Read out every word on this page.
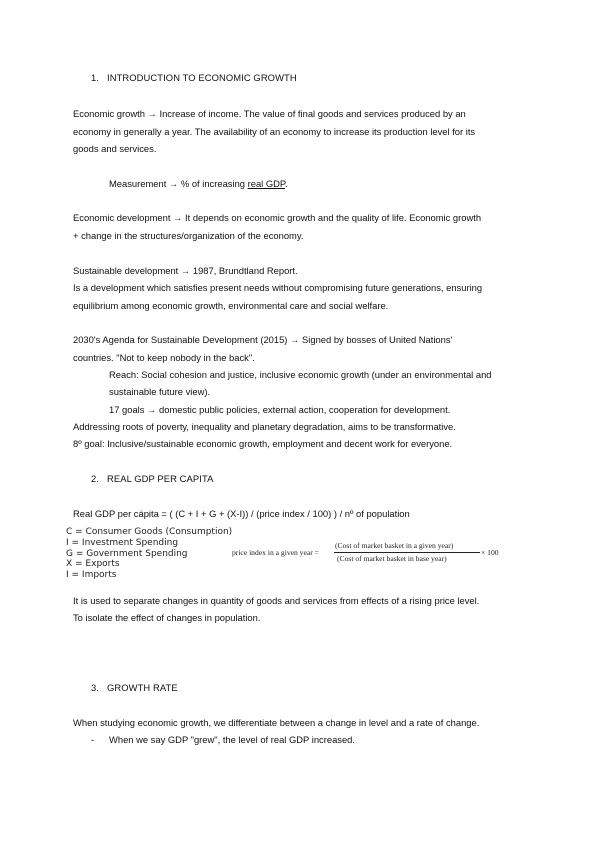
1. INTRODUCTION TO ECONOMIC GROWTH
Economic growth → Increase of income. The value of final goods and services produced by an
economy in generally a year. The availability of an economy to increase its production level for its
goods and services.
Measurement → % of increasing real GDP.
Economic development → It depends on economic growth and the quality of life. Economic growth
+ change in the structures/organization of the economy.
Sustainable development → 1987, Brundtland Report.
Is a development which satisfies present needs without compromising future generations, ensuring
equilibrium among economic growth, environmental care and social welfare.
2030's Agenda for Sustainable Development (2015) → Signed by bosses of United Nations'
countries. "Not to keep nobody in the back".
Reach: Social cohesion and justice, inclusive economic growth (under an environmental and
sustainable future view).
17 goals → domestic public policies, external action, cooperation for development.
Addressing roots of poverty, inequality and planetary degradation, aims to be transformative.
8º goal: Inclusive/sustainable economic growth, employment and decent work for everyone.
2. REAL GDP PER CAPITA
Real GDP per cápita = ( (C + I + G + (X-I)) / (price index / 100) ) / nº of population
C = Consumer Goods (Consumption)
I = Investment Spending
G = Government Spending
X = Exports
I = Imports
price index in a given year =
(Cost of market basket in a given year)
(Cost of market basket in base year)
× 100
It is used to separate changes in quantity of goods and services from effects of a rising price level.
To isolate the effect of changes in population.
3. GROWTH RATE
When studying economic growth, we differentiate between a change in level and a rate of change.
- When we say GDP "grew", the level of real GDP increased.
